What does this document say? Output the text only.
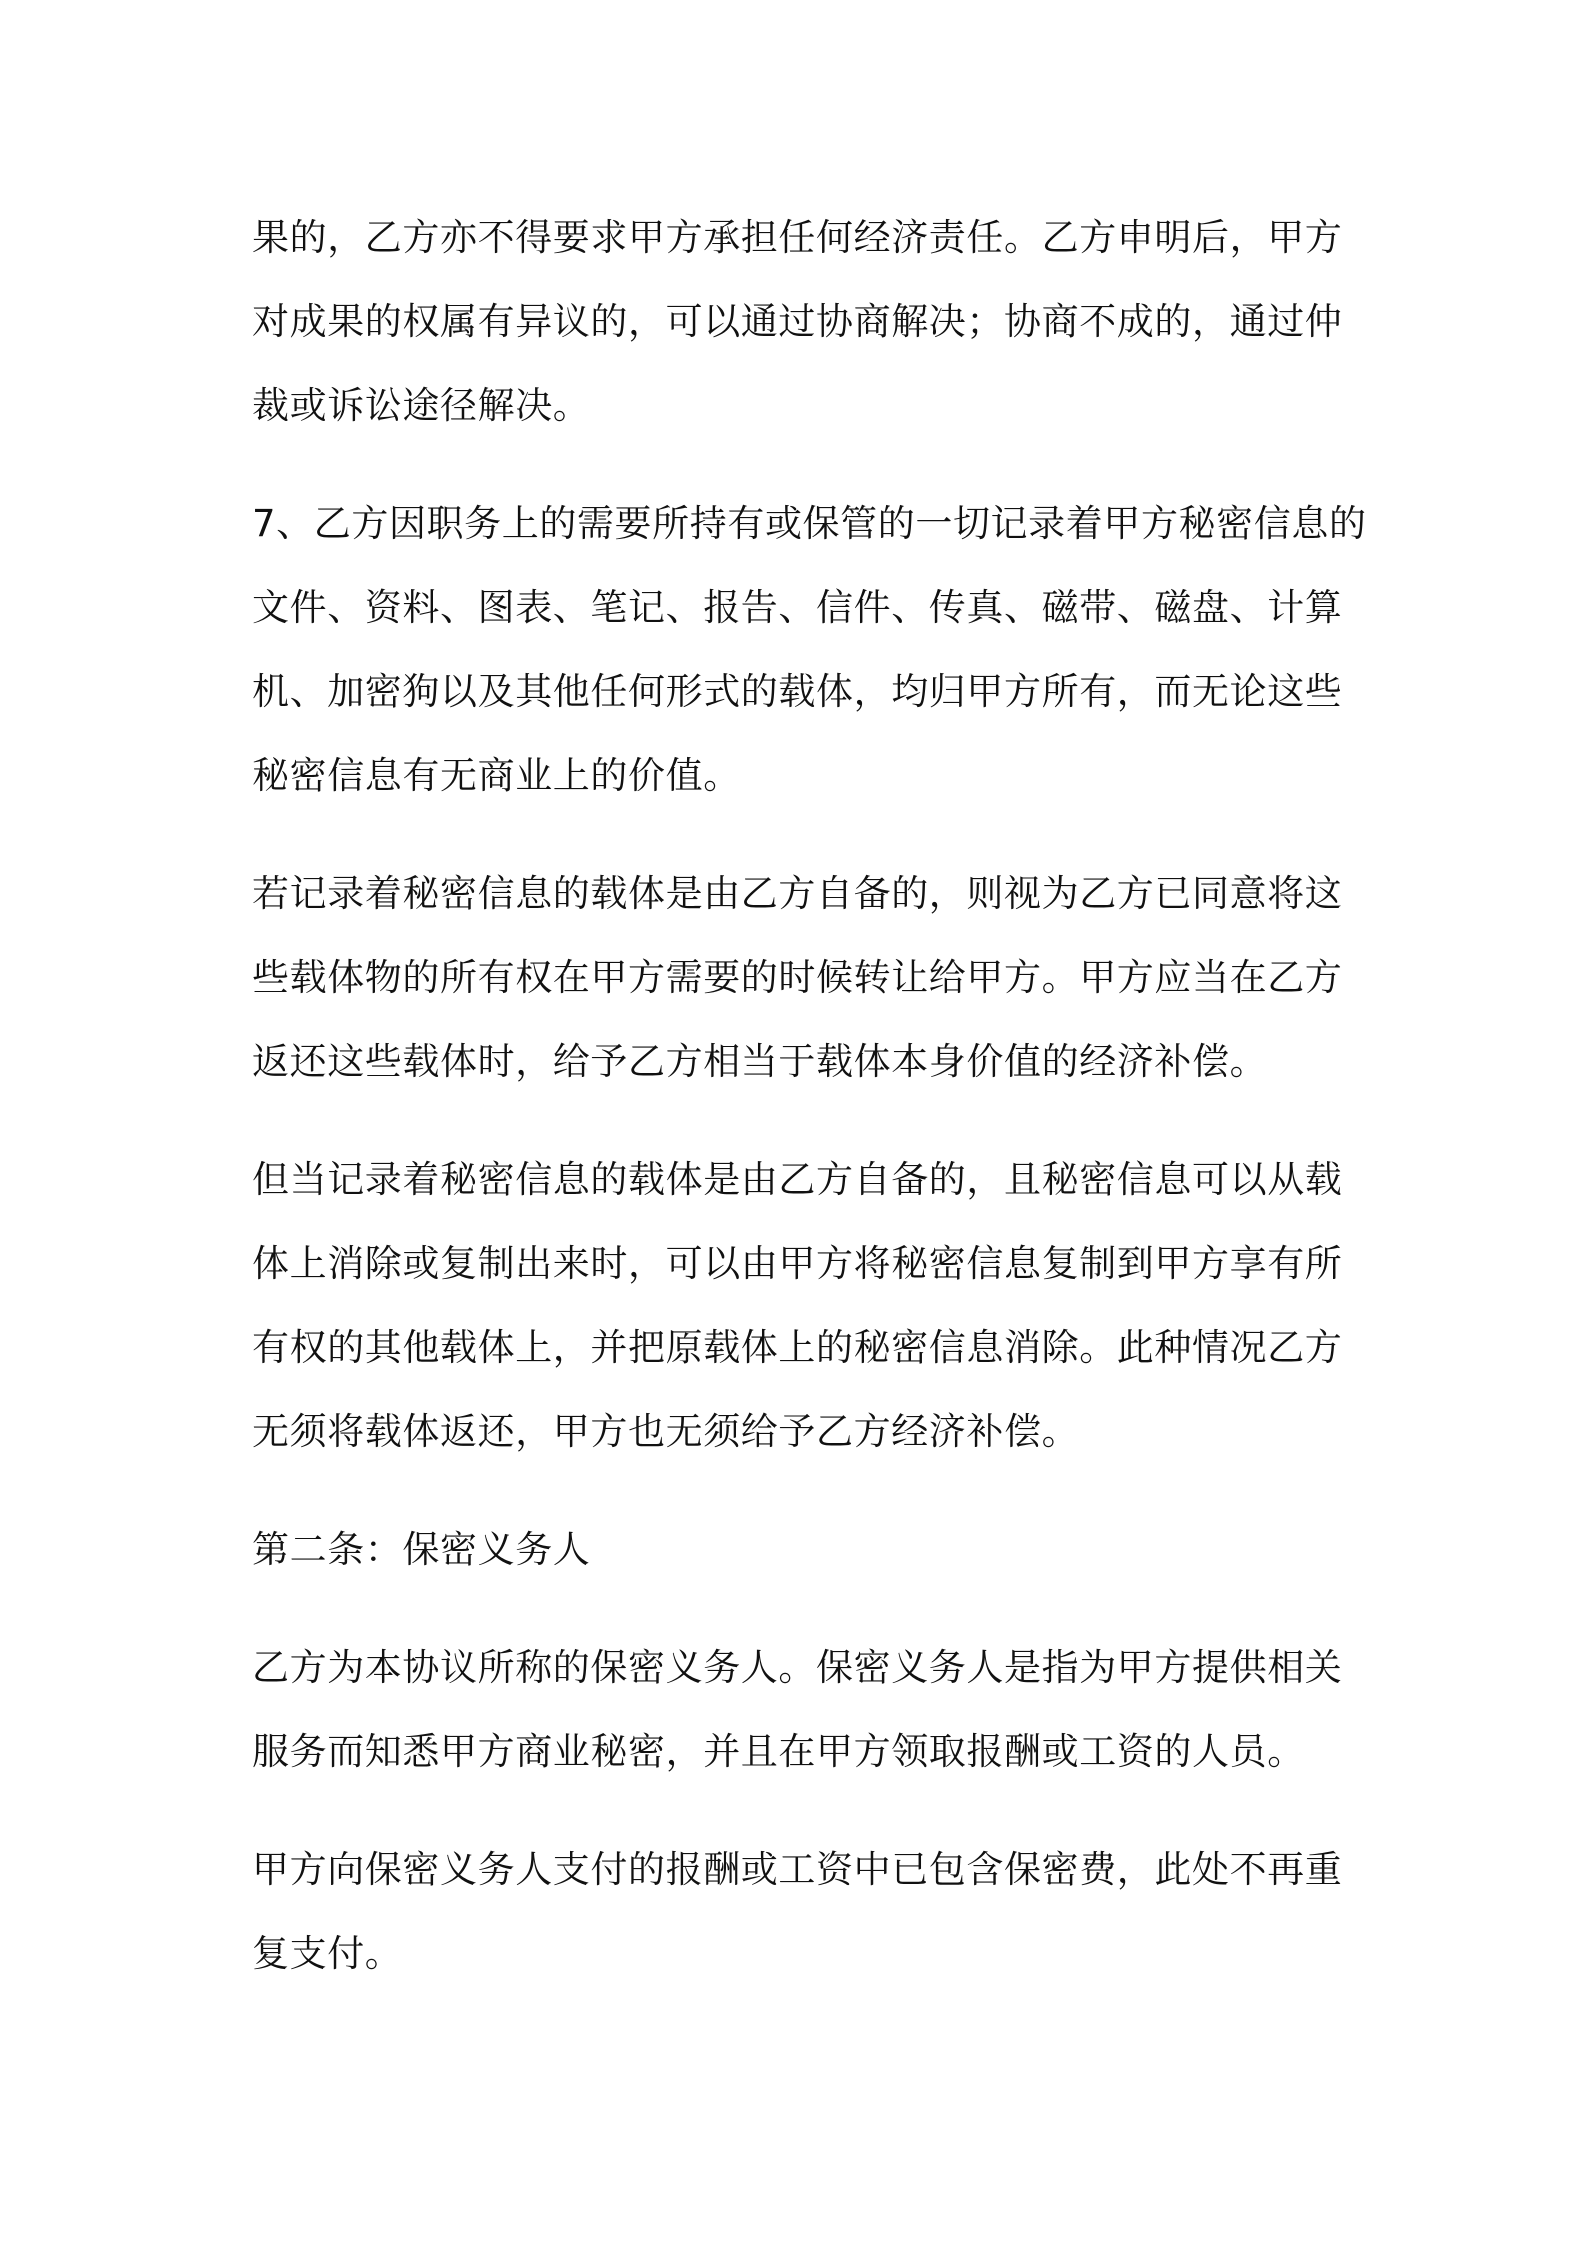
果的，乙方亦不得要求甲方承担任何经济责任。乙方申明后，甲方
对成果的权属有异议的，可以通过协商解决；协商不成的，通过仲
裁或诉讼途径解决。

7、乙方因职务上的需要所持有或保管的一切记录着甲方秘密信息的
文件、资料、图表、笔记、报告、信件、传真、磁带、磁盘、计算
机、加密狗以及其他任何形式的载体，均归甲方所有，而无论这些
秘密信息有无商业上的价值。

若记录着秘密信息的载体是由乙方自备的，则视为乙方已同意将这
些载体物的所有权在甲方需要的时候转让给甲方。甲方应当在乙方
返还这些载体时，给予乙方相当于载体本身价值的经济补偿。

但当记录着秘密信息的载体是由乙方自备的，且秘密信息可以从载
体上消除或复制出来时，可以由甲方将秘密信息复制到甲方享有所
有权的其他载体上，并把原载体上的秘密信息消除。此种情况乙方
无须将载体返还，甲方也无须给予乙方经济补偿。

第二条：保密义务人

乙方为本协议所称的保密义务人。保密义务人是指为甲方提供相关
服务而知悉甲方商业秘密，并且在甲方领取报酬或工资的人员。

甲方向保密义务人支付的报酬或工资中已包含保密费，此处不再重
复支付。
